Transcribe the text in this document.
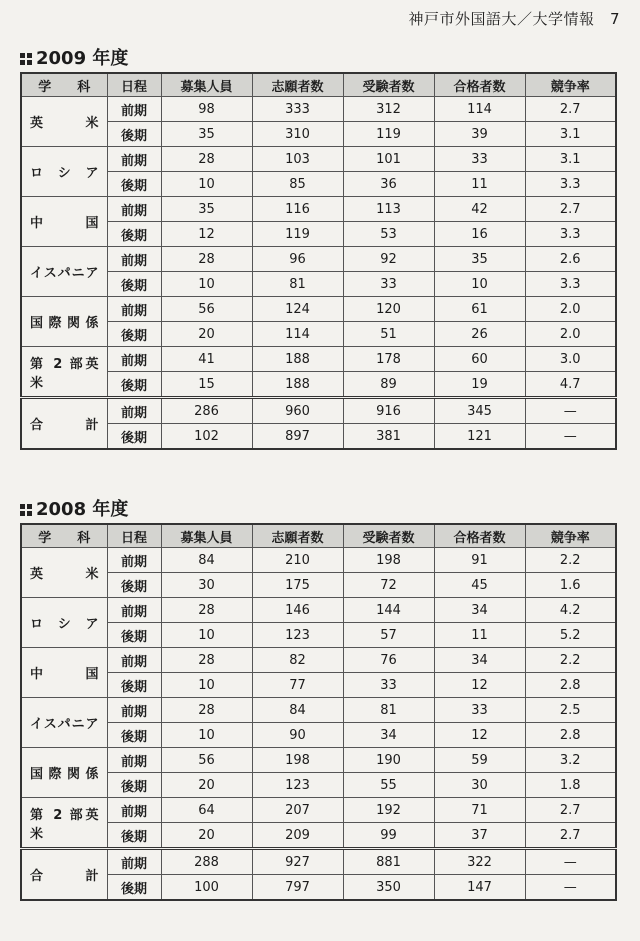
神戸市外国語大／大学情報　7
2009 年度
学　　科	日程	募集人員	志願者数	受験者数	合格者数	競争率
英　　米	前期	98	333	312	114	2.7
	後期	35	310	119	39	3.1
ロ シ ア	前期	28	103	101	33	3.1
	後期	10	85	36	11	3.3
中　　国	前期	35	116	113	42	2.7
	後期	12	119	53	16	3.3
イスパニア	前期	28	96	92	35	2.6
	後期	10	81	33	10	3.3
国際関係	前期	56	124	120	61	2.0
	後期	20	114	51	26	2.0
第 2 部英米	前期	41	188	178	60	3.0
	後期	15	188	89	19	4.7
合　　計	前期	286	960	916	345	—
	後期	102	897	381	121	—
2008 年度
学　　科	日程	募集人員	志願者数	受験者数	合格者数	競争率
英　　米	前期	84	210	198	91	2.2
	後期	30	175	72	45	1.6
ロ シ ア	前期	28	146	144	34	4.2
	後期	10	123	57	11	5.2
中　　国	前期	28	82	76	34	2.2
	後期	10	77	33	12	2.8
イスパニア	前期	28	84	81	33	2.5
	後期	10	90	34	12	2.8
国際関係	前期	56	198	190	59	3.2
	後期	20	123	55	30	1.8
第 2 部英米	前期	64	207	192	71	2.7
	後期	20	209	99	37	2.7
合　　計	前期	288	927	881	322	—
	後期	100	797	350	147	—
